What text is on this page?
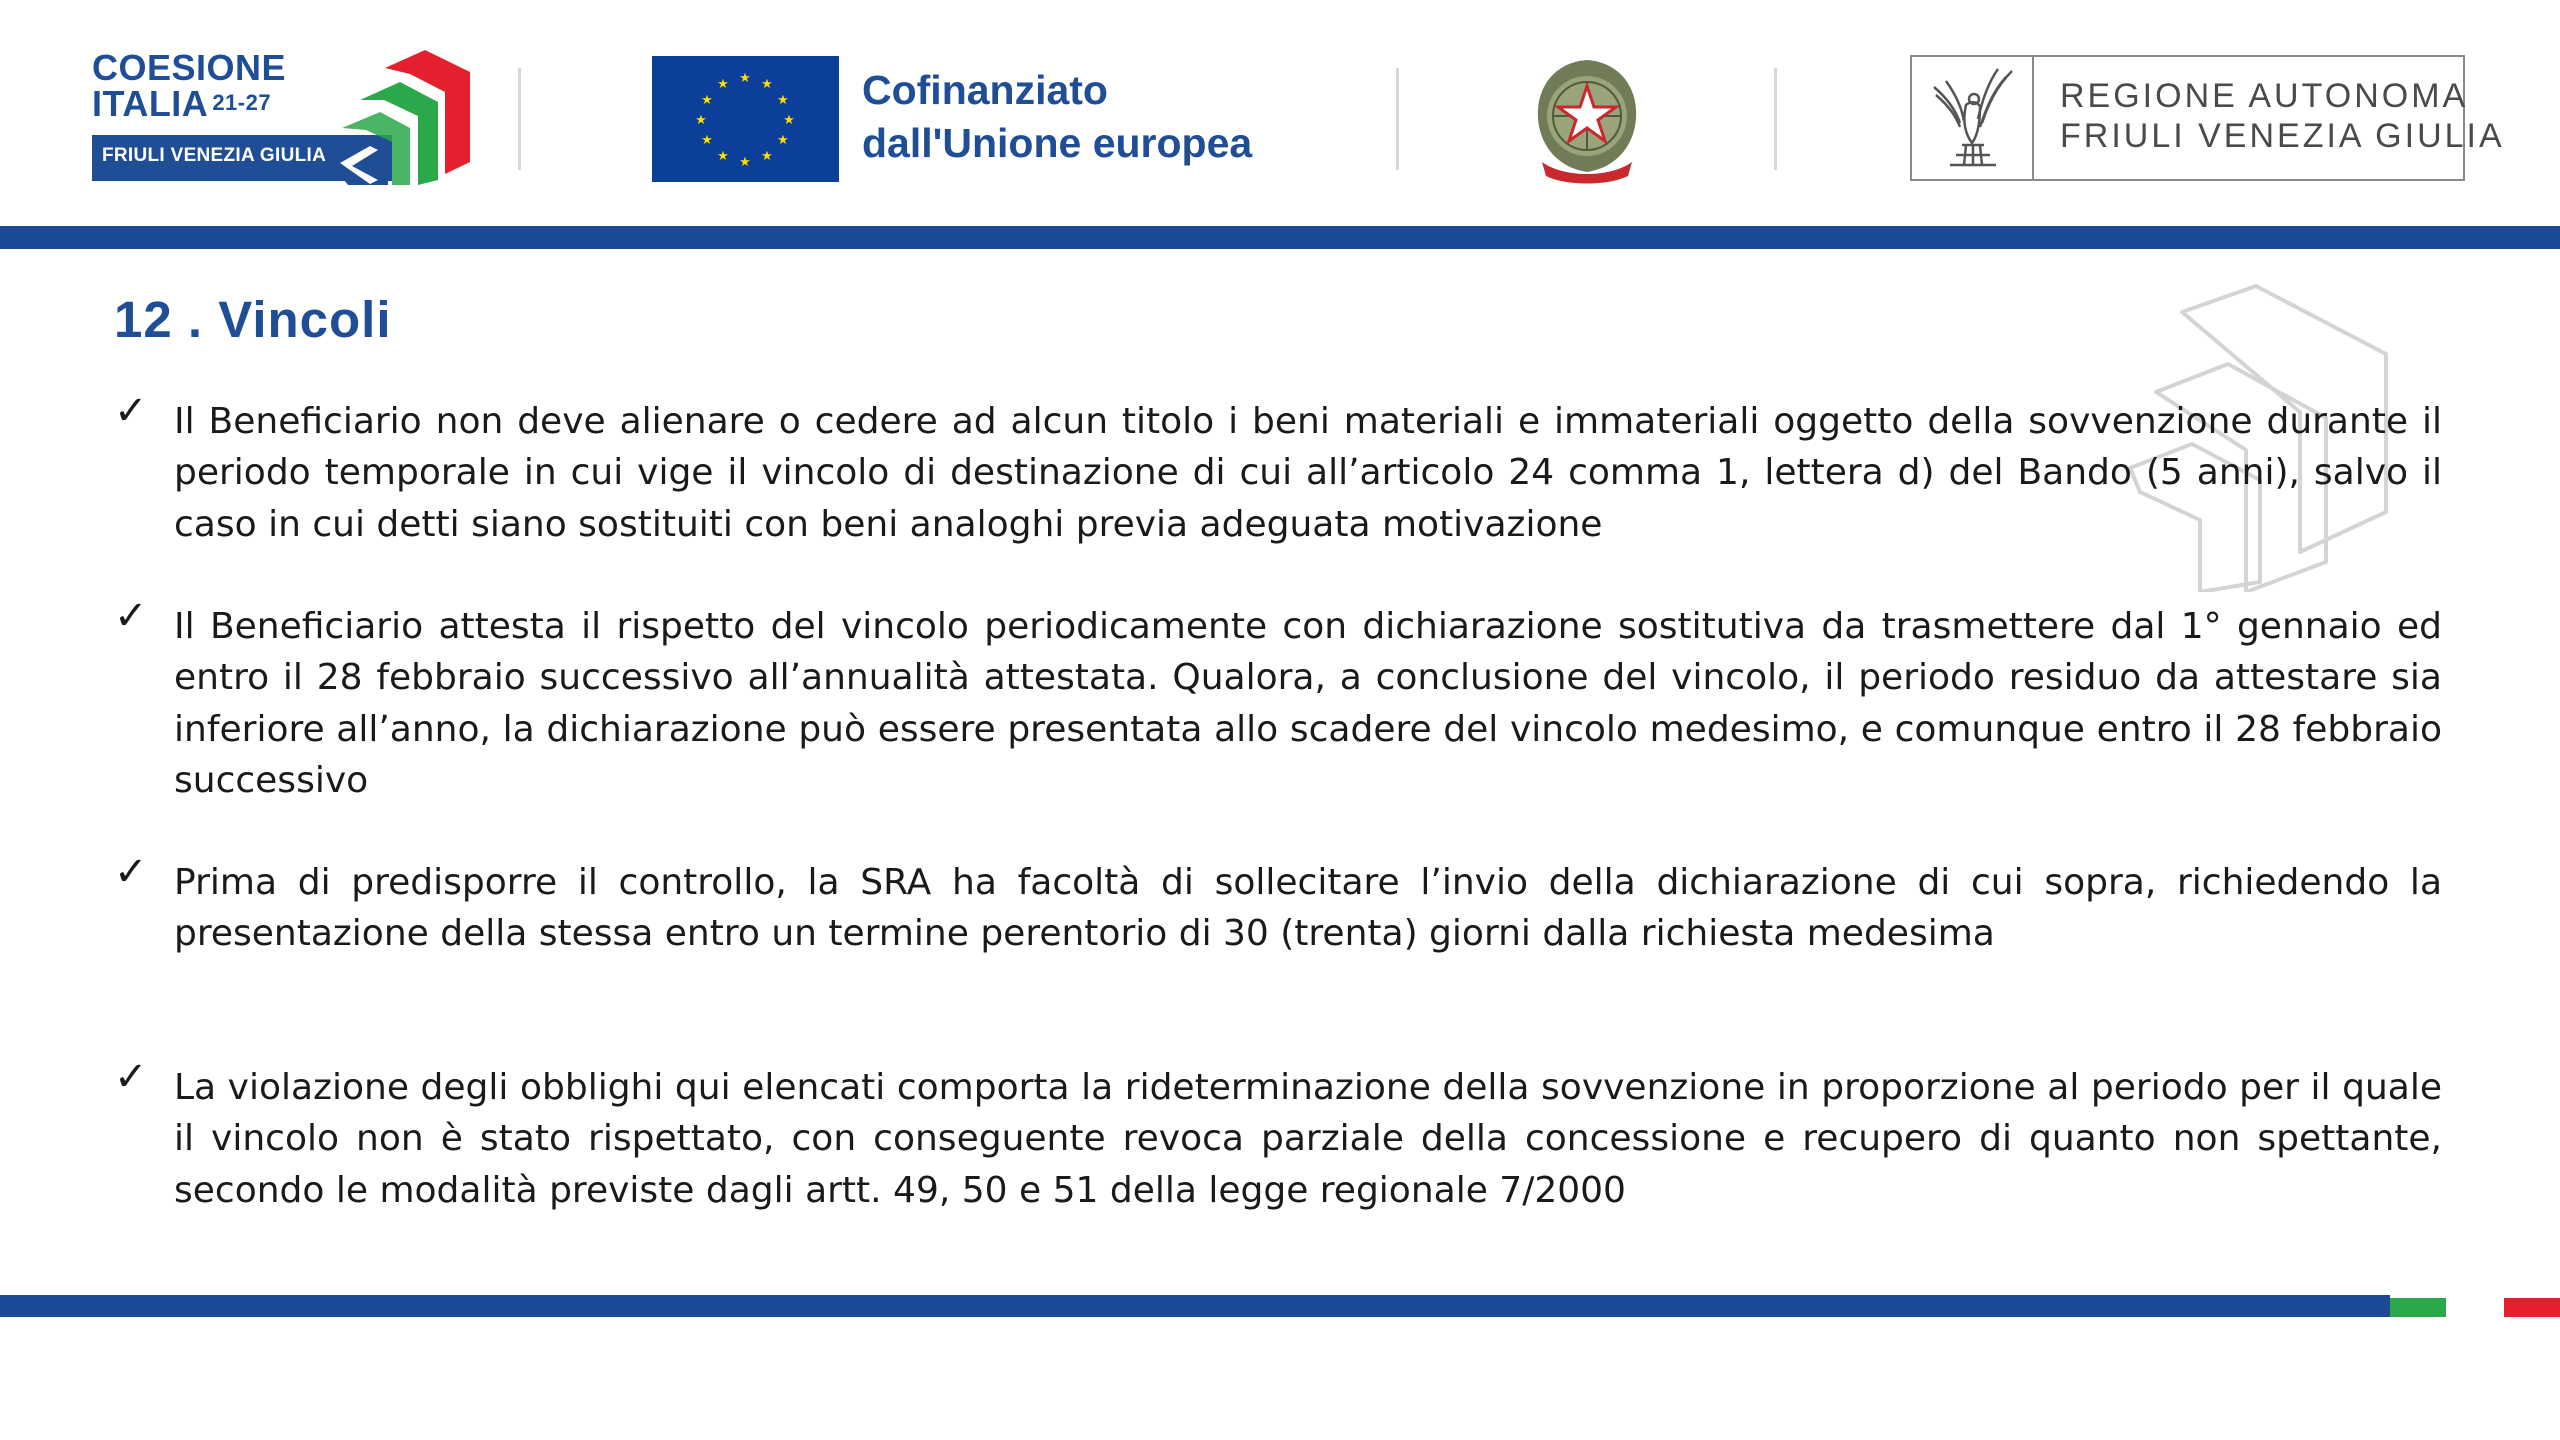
COESIONE
ITALIA 21-27
FRIULI VENEZIA GIULIA
★ ★
★
★
★
★
★
★
★
★
★
★	Cofinanziato
dall'Unione europea
REGIONE AUTONOMA
FRIULI VENEZIA GIULIA
12 . Vincoli
✓ Il Beneficiario non deve alienare o cedere ad alcun titolo i beni materiali e immateriali oggetto della sovvenzione durante il periodo temporale in cui vige il vincolo di destinazione di cui all’articolo 24 comma 1, lettera d) del Bando (5 anni), salvo il caso in cui detti siano sostituiti con beni analoghi previa adeguata motivazione
✓ Il Beneficiario attesta il rispetto del vincolo periodicamente con dichiarazione sostitutiva da trasmettere dal 1° gennaio ed entro il 28 febbraio successivo all’annualità attestata. Qualora, a conclusione del vincolo, il periodo residuo da attestare sia inferiore all’anno, la dichiarazione può essere presentata allo scadere del vincolo medesimo, e comunque entro il 28 febbraio successivo
✓ Prima di predisporre il controllo, la SRA ha facoltà di sollecitare l’invio della dichiarazione di cui sopra, richiedendo la presentazione della stessa entro un termine perentorio di 30 (trenta) giorni dalla richiesta medesima
✓ La violazione degli obblighi qui elencati comporta la rideterminazione della sovvenzione in proporzione al periodo per il quale il vincolo non è stato rispettato, con conseguente revoca parziale della concessione e recupero di quanto non spettante, secondo le modalità previste dagli artt. 49, 50 e 51 della legge regionale 7/2000
